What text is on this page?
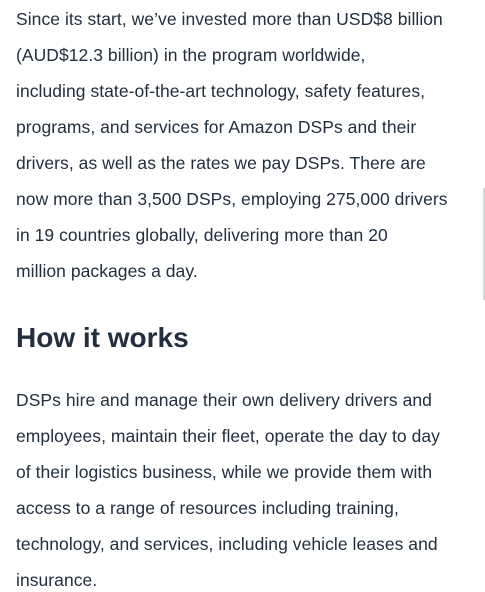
Since its start, we’ve invested more than USD$8 billion
(AUD$12.3 billion) in the program worldwide,
including state-of-the-art technology, safety features,
programs, and services for Amazon DSPs and their
drivers, as well as the rates we pay DSPs. There are
now more than 3,500 DSPs, employing 275,000 drivers
in 19 countries globally, delivering more than 20
million packages a day.

How it works

DSPs hire and manage their own delivery drivers and
employees, maintain their fleet, operate the day to day
of their logistics business, while we provide them with
access to a range of resources including training,
technology, and services, including vehicle leases and
insurance.
